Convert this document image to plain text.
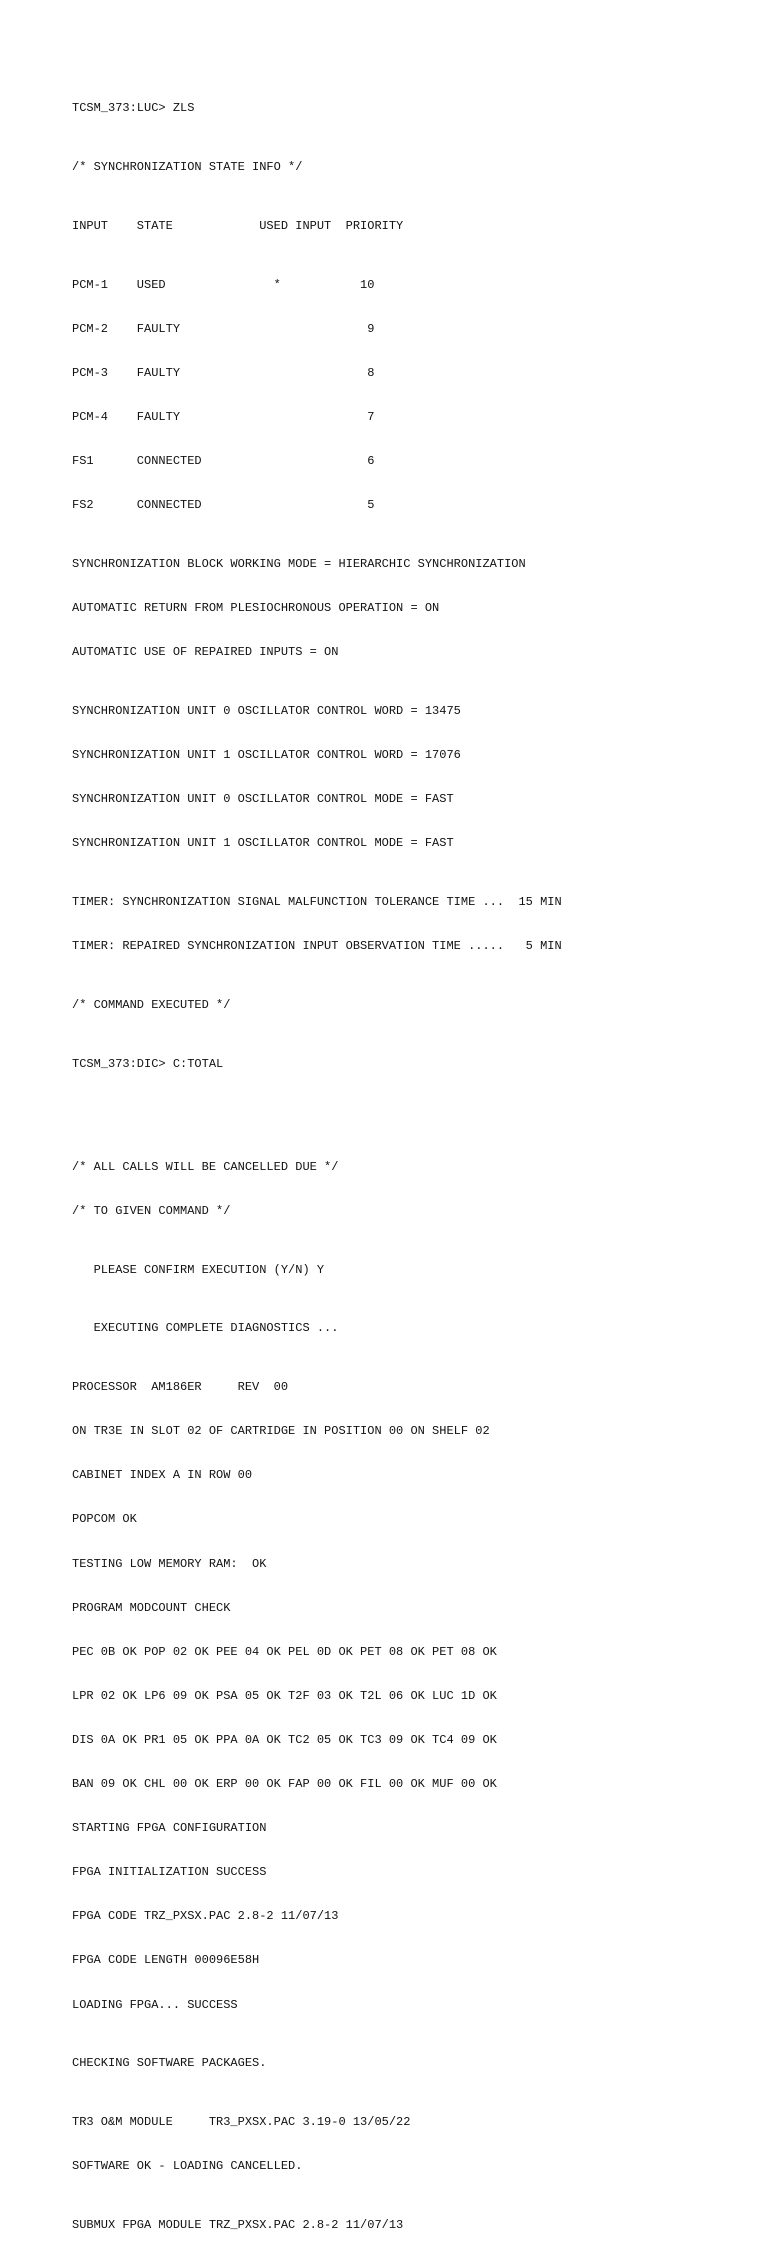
TCSM_373:LUC> ZLS

/* SYNCHRONIZATION STATE INFO */

INPUT    STATE            USED INPUT  PRIORITY

PCM-1    USED               *           10

PCM-2    FAULTY                          9

PCM-3    FAULTY                          8

PCM-4    FAULTY                          7

FS1      CONNECTED                       6

FS2      CONNECTED                       5

SYNCHRONIZATION BLOCK WORKING MODE = HIERARCHIC SYNCHRONIZATION

AUTOMATIC RETURN FROM PLESIOCHRONOUS OPERATION = ON

AUTOMATIC USE OF REPAIRED INPUTS = ON

SYNCHRONIZATION UNIT 0 OSCILLATOR CONTROL WORD = 13475

SYNCHRONIZATION UNIT 1 OSCILLATOR CONTROL WORD = 17076

SYNCHRONIZATION UNIT 0 OSCILLATOR CONTROL MODE = FAST

SYNCHRONIZATION UNIT 1 OSCILLATOR CONTROL MODE = FAST

TIMER: SYNCHRONIZATION SIGNAL MALFUNCTION TOLERANCE TIME ...  15 MIN

TIMER: REPAIRED SYNCHRONIZATION INPUT OBSERVATION TIME .....   5 MIN

/* COMMAND EXECUTED */

TCSM_373:DIC> C:TOTAL

/* ALL CALLS WILL BE CANCELLED DUE */

/* TO GIVEN COMMAND */

PLEASE CONFIRM EXECUTION (Y/N) Y

EXECUTING COMPLETE DIAGNOSTICS ...

PROCESSOR  AM186ER     REV  00

ON TR3E IN SLOT 02 OF CARTRIDGE IN POSITION 00 ON SHELF 02

CABINET INDEX A IN ROW 00

POPCOM OK

TESTING LOW MEMORY RAM:  OK

PROGRAM MODCOUNT CHECK

PEC 0B OK POP 02 OK PEE 04 OK PEL 0D OK PET 08 OK PET 08 OK

LPR 02 OK LP6 09 OK PSA 05 OK T2F 03 OK T2L 06 OK LUC 1D OK

DIS 0A OK PR1 05 OK PPA 0A OK TC2 05 OK TC3 09 OK TC4 09 OK

BAN 09 OK CHL 00 OK ERP 00 OK FAP 00 OK FIL 00 OK MUF 00 OK

STARTING FPGA CONFIGURATION

FPGA INITIALIZATION SUCCESS

FPGA CODE TRZ_PXSX.PAC 2.8-2 11/07/13

FPGA CODE LENGTH 00096E58H

LOADING FPGA... SUCCESS

CHECKING SOFTWARE PACKAGES.

TR3 O&M MODULE     TR3_PXSX.PAC 3.19-0 13/05/22

SOFTWARE OK - LOADING CANCELLED.

SUBMUX FPGA MODULE TRZ_PXSX.PAC 2.8-2 11/07/13
